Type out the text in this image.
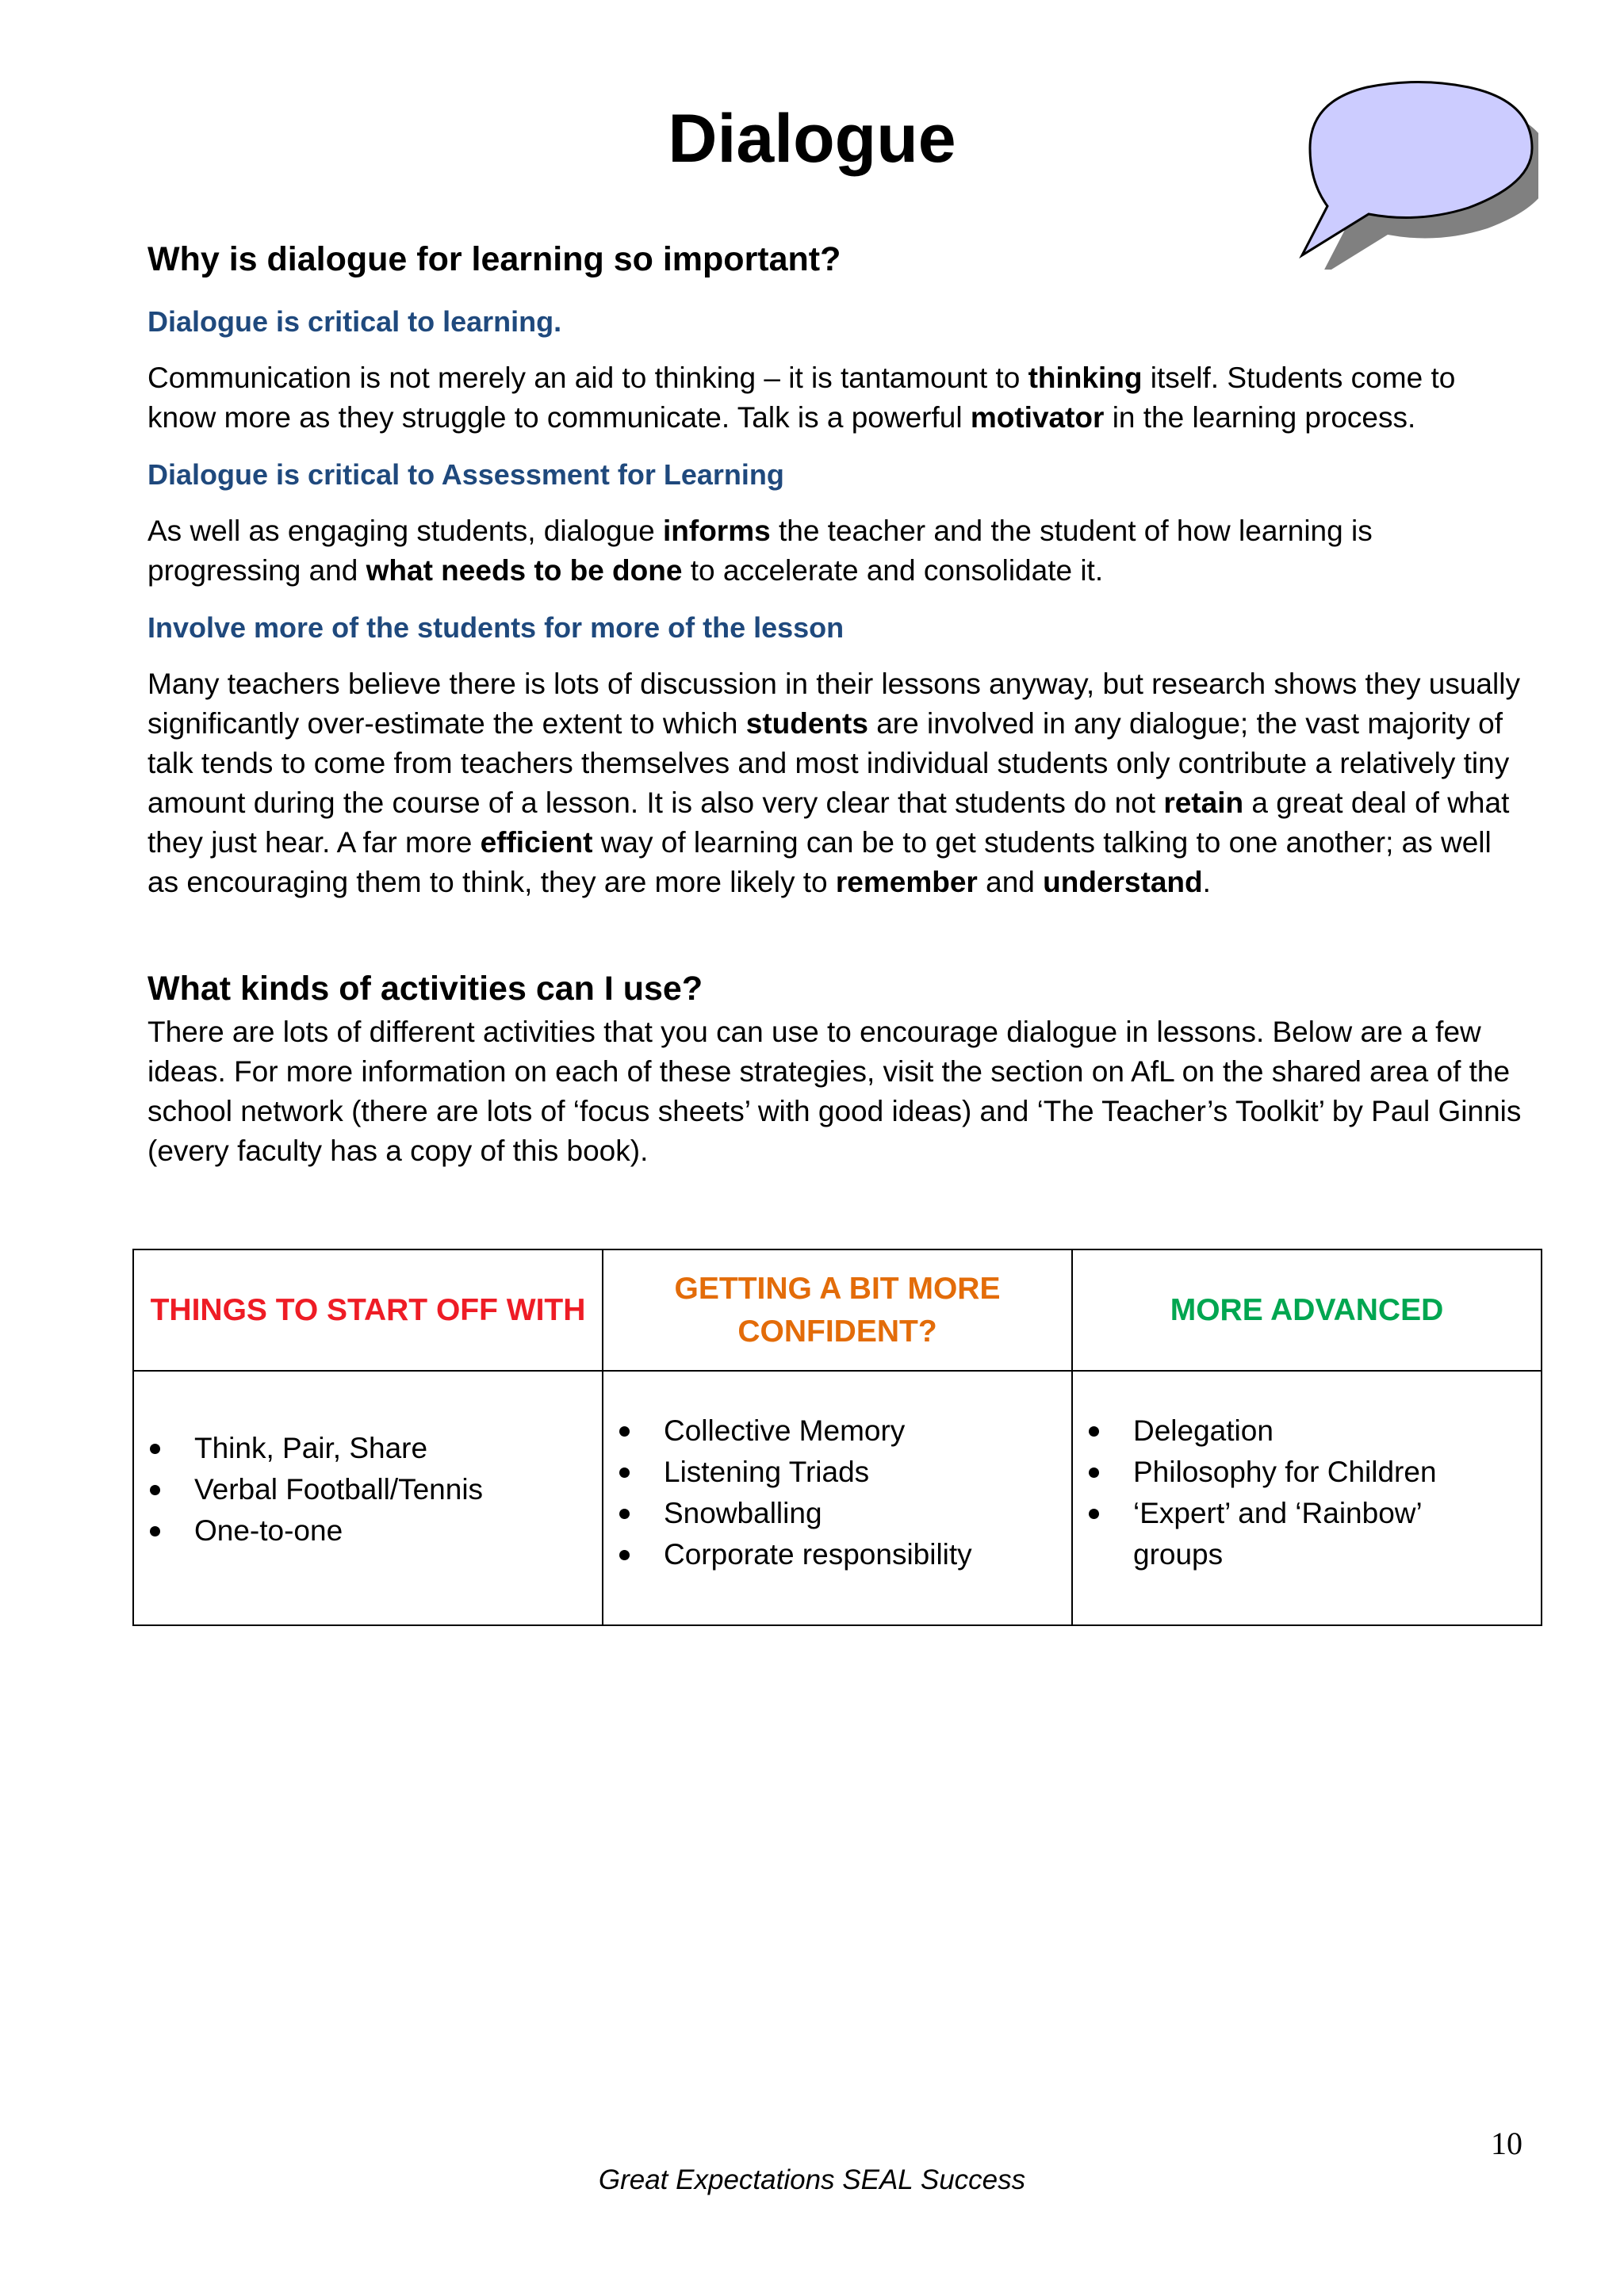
Dialogue
Why is dialogue for learning so important?
Dialogue is critical to learning.

Communication is not merely an aid to thinking – it is tantamount to thinking itself. Students come to know more as they struggle to communicate. Talk is a powerful motivator in the learning process.

Dialogue is critical to Assessment for Learning

As well as engaging students, dialogue informs the teacher and the student of how learning is progressing and what needs to be done to accelerate and consolidate it.

Involve more of the students for more of the lesson

Many teachers believe there is lots of discussion in their lessons anyway, but research shows they usually significantly over-estimate the extent to which students are involved in any dialogue; the vast majority of talk tends to come from teachers themselves and most individual students only contribute a relatively tiny amount during the course of a lesson. It is also very clear that students do not retain a great deal of what they just hear. A far more efficient way of learning can be to get students talking to one another; as well as encouraging them to think, they are more likely to remember and understand.

What kinds of activities can I use?

There are lots of different activities that you can use to encourage dialogue in lessons. Below are a few ideas. For more information on each of these strategies, visit the section on AfL on the shared area of the school network (there are lots of ‘focus sheets’ with good ideas) and ‘The Teacher’s Toolkit’ by Paul Ginnis (every faculty has a copy of this book).

THINGS TO START OFF WITH
GETTING A BIT MORE CONFIDENT?
MORE ADVANCED
Think, Pair, Share
Verbal Football/Tennis
One-to-one
Collective Memory
Listening Triads
Snowballing
Corporate responsibility
Delegation
Philosophy for Children
‘Expert’ and ‘Rainbow’ groups
10
Great Expectations SEAL Success
